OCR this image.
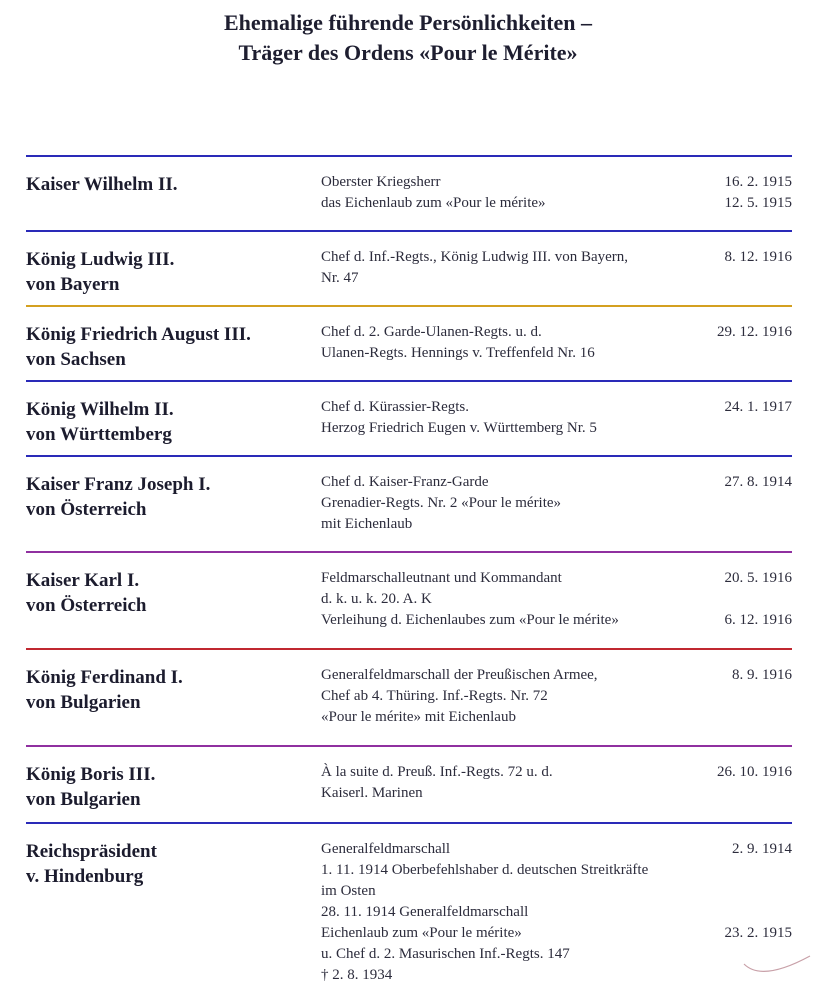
Ehemalige führende Persönlichkeiten –
Träger des Ordens «Pour le Mérite»
Kaiser Wilhelm II.	Oberster Kriegsherr
das Eichenlaub zum «Pour le mérite»
16. 2. 1915
12. 5. 1915
König Ludwig III.
von Bayern
Chef d. Inf.-Regts., König Ludwig III. von Bayern,
Nr. 47
8. 12. 1916
König Friedrich August III.
von Sachsen
Chef d. 2. Garde-Ulanen-Regts. u. d.
Ulanen-Regts. Hennings v. Treffenfeld Nr. 16
29. 12. 1916
König Wilhelm II.
von Württemberg
Chef d. Kürassier-Regts.
Herzog Friedrich Eugen v. Württemberg Nr. 5
24. 1. 1917
Kaiser Franz Joseph I.
von Österreich
Chef d. Kaiser-Franz-Garde
Grenadier-Regts. Nr. 2 «Pour le mérite»
mit Eichenlaub
27. 8. 1914
Kaiser Karl I.
von Österreich
Feldmarschalleutnant und Kommandant
d. k. u. k. 20. A. K
Verleihung d. Eichenlaubes zum «Pour le mérite»
20. 5. 1916
6. 12. 1916
König Ferdinand I.
von Bulgarien
Generalfeldmarschall der Preußischen Armee,
Chef ab 4. Thüring. Inf.-Regts. Nr. 72
«Pour le mérite» mit Eichenlaub
8. 9. 1916
König Boris III.
von Bulgarien
À la suite d. Preuß. Inf.-Regts. 72 u. d.
Kaiserl. Marinen
26. 10. 1916
Reichspräsident
v. Hindenburg
Generalfeldmarschall
1. 11. 1914 Oberbefehlshaber d. deutschen Streitkräfte
im Osten
28. 11. 1914 Generalfeldmarschall
Eichenlaub zum «Pour le mérite»
u. Chef d. 2. Masurischen Inf.-Regts. 147
† 2. 8. 1934
2. 9. 1914
23. 2. 1915
